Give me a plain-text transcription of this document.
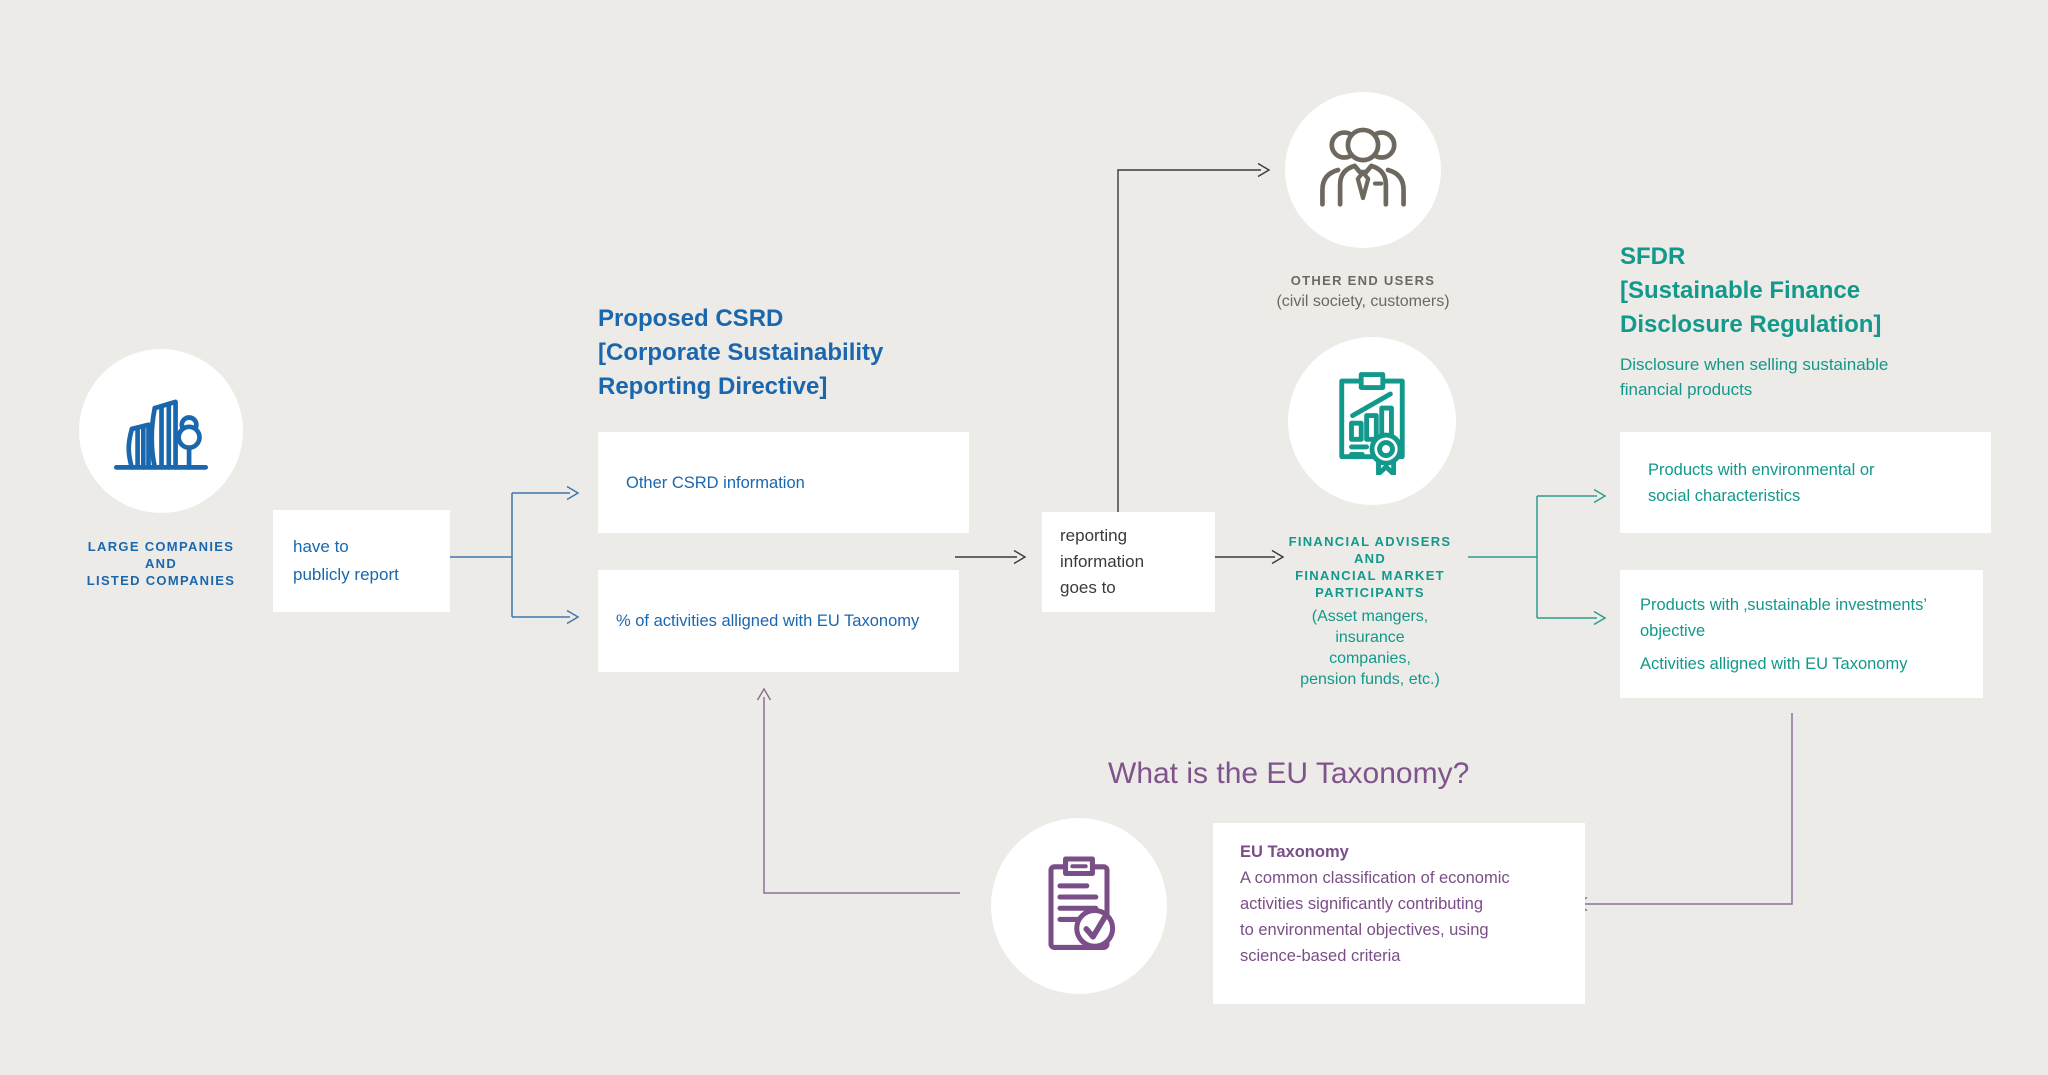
LARGE COMPANIES
AND
LISTED COMPANIES
have to
publicly report
Proposed CSRD
[Corporate Sustainability
Reporting Directive]
Other CSRD information
% of activities alligned with EU Taxonomy
reporting
information
goes to
OTHER END USERS
(civil society, customers)
FINANCIAL ADVISERS
AND
FINANCIAL MARKET
PARTICIPANTS
(Asset mangers,
insurance
companies,
pension funds, etc.)
SFDR
[Sustainable Finance
Disclosure Regulation]
Disclosure when selling sustainable
financial products
Products with environmental or
social characteristics
Products with ‚sustainable investments’
objective
Activities alligned with EU Taxonomy
What is the EU Taxonomy?
EU Taxonomy
A common classification of economic
activities significantly contributing
to environmental objectives, using
science-based criteria
